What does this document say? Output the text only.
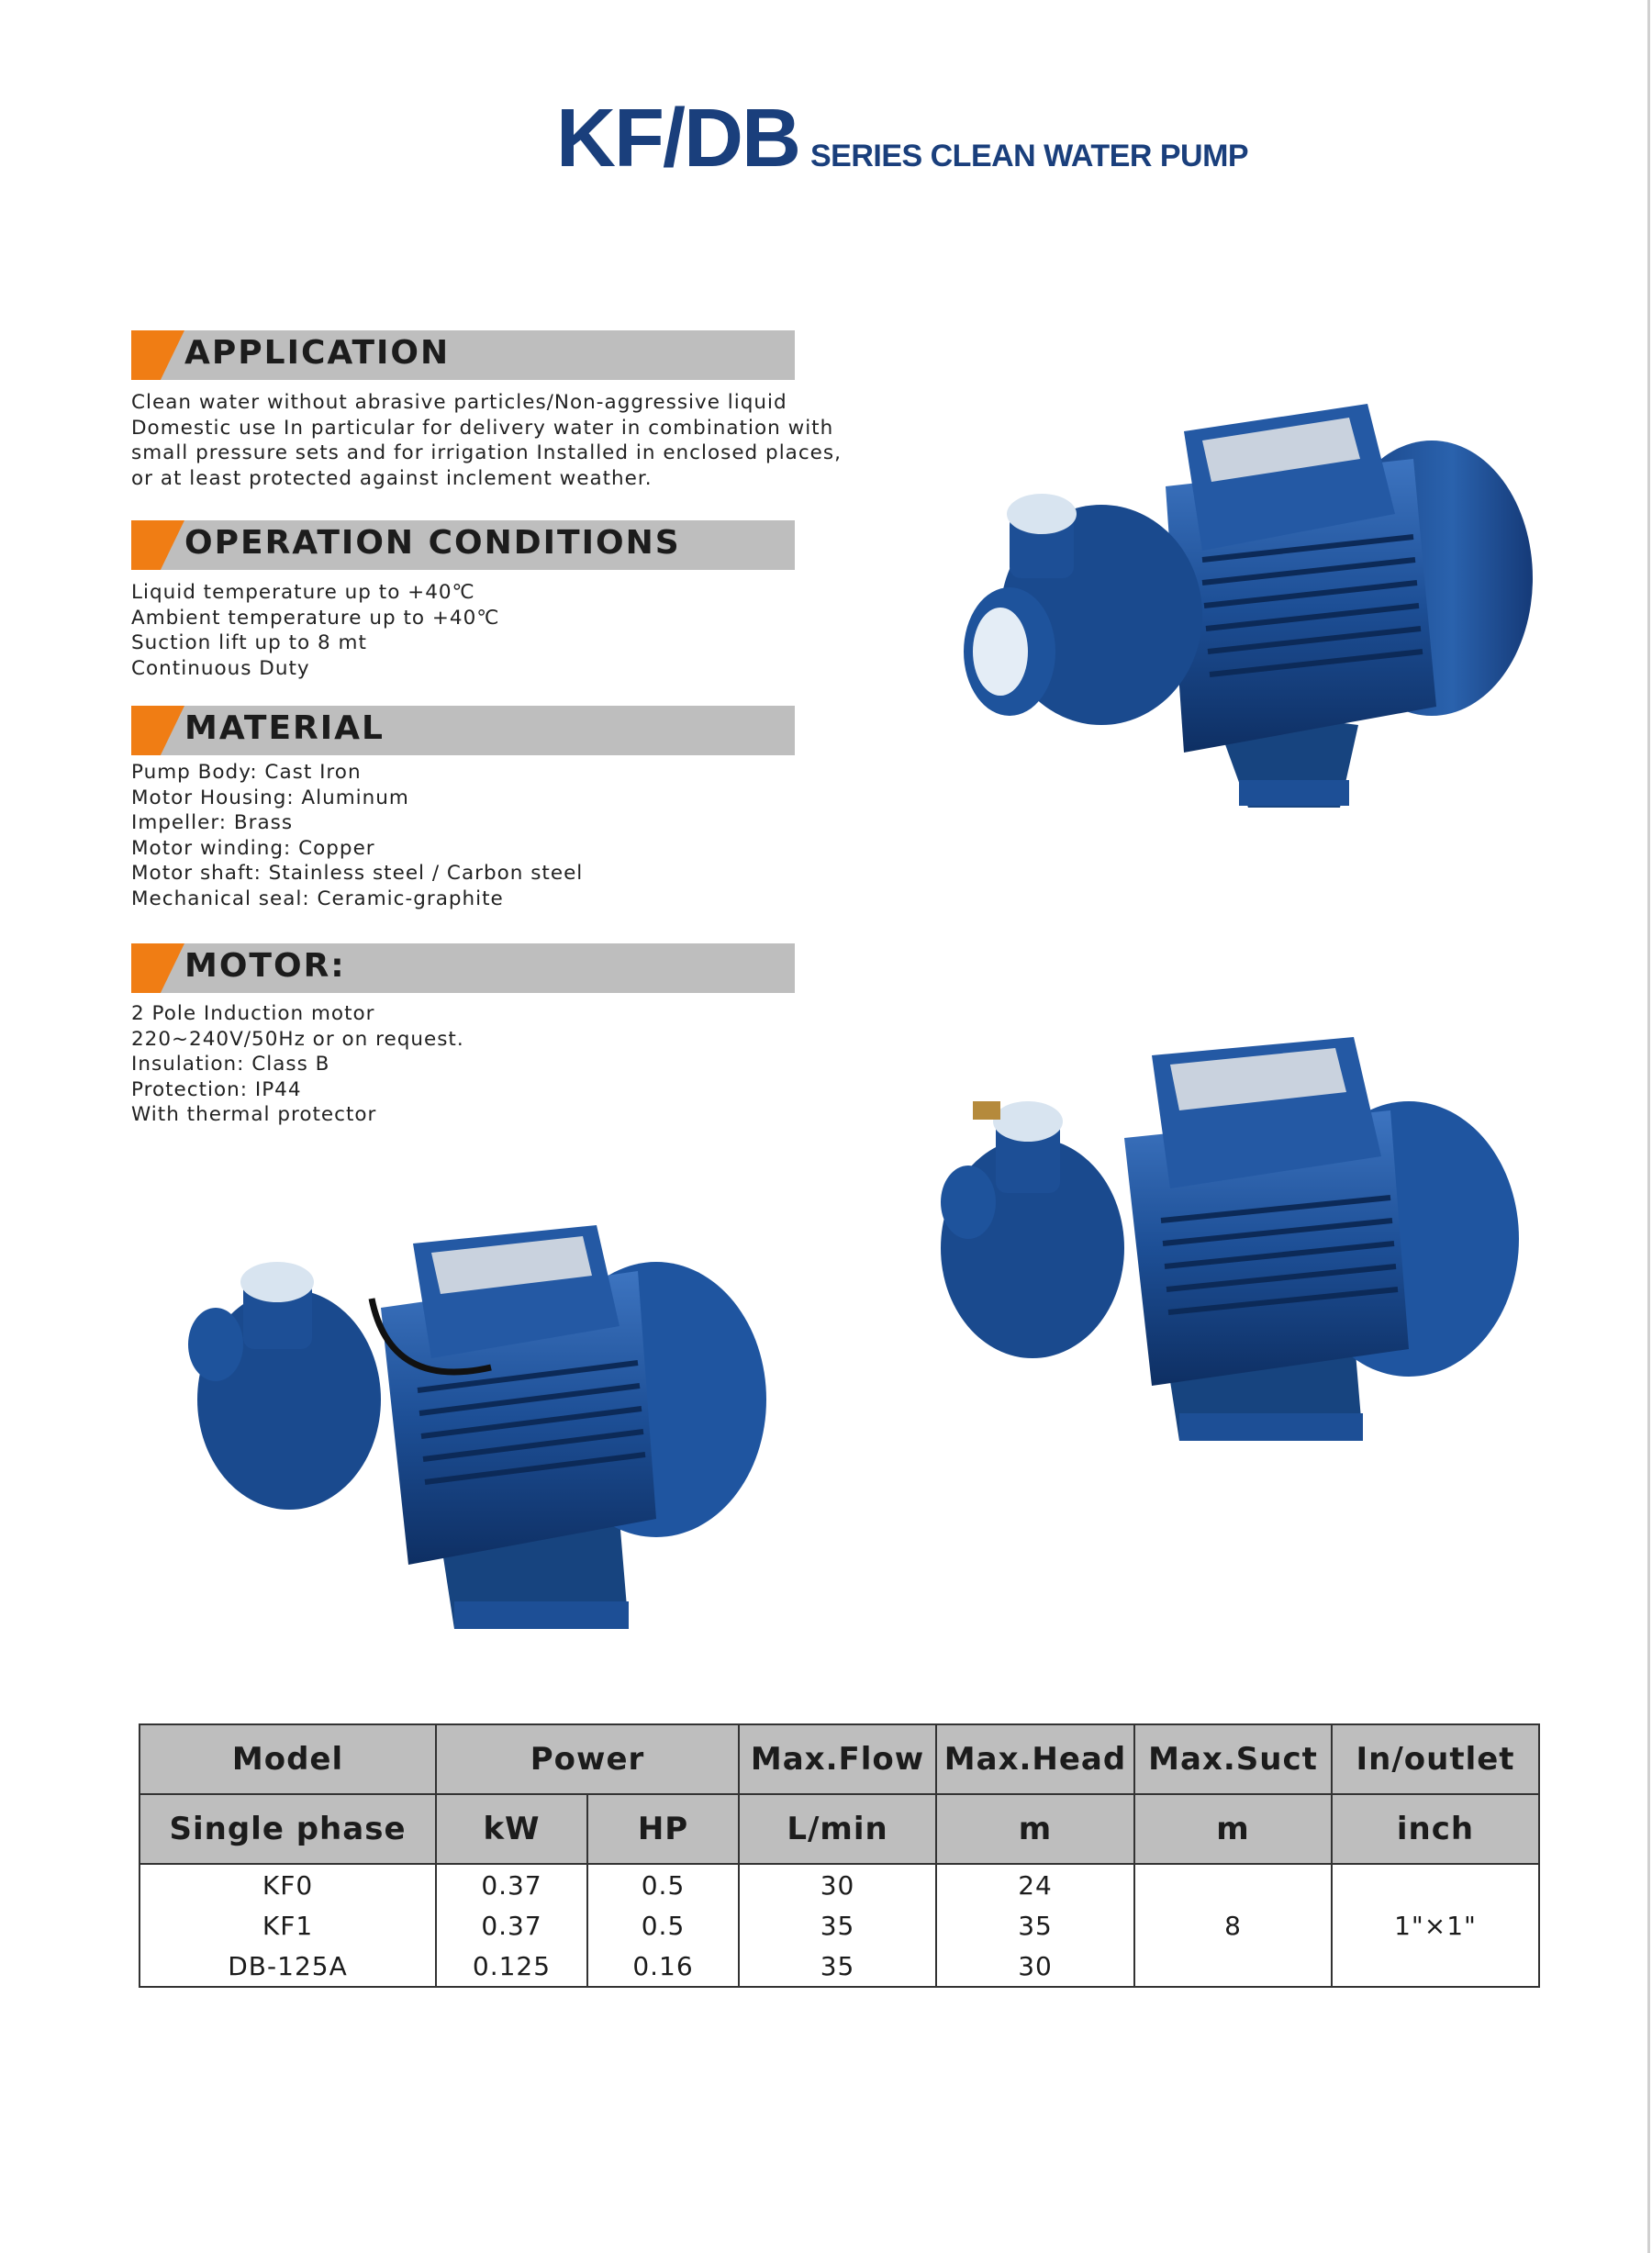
KF/DB SERIES CLEAN WATER PUMP
APPLICATION
Clean water without abrasive particles/Non-aggressive liquid
Domestic use In particular for delivery water in combination with
small pressure sets and for irrigation Installed in enclosed places,
or at least protected against inclement weather.
OPERATION CONDITIONS
Liquid temperature up to +40℃
Ambient temperature up to +40℃
Suction lift up to 8 mt
Continuous Duty
MATERIAL
Pump Body: Cast Iron
Motor Housing: Aluminum
Impeller: Brass
Motor winding: Copper
Motor shaft: Stainless steel / Carbon steel
Mechanical seal: Ceramic-graphite
MOTOR:
2 Pole Induction motor
220~240V/50Hz or on request.
Insulation: Class B
Protection: IP44
With thermal protector
Model	Power		Max.Flow	Max.Head	Max.Suct	In/outlet
Single phase	kW	HP	L/min	m	m	inch
KF0	0.37	0.5	30	24	8	1"×1"
KF1	0.37	0.5	35	35		
DB-125A	0.125	0.16	35	30		
